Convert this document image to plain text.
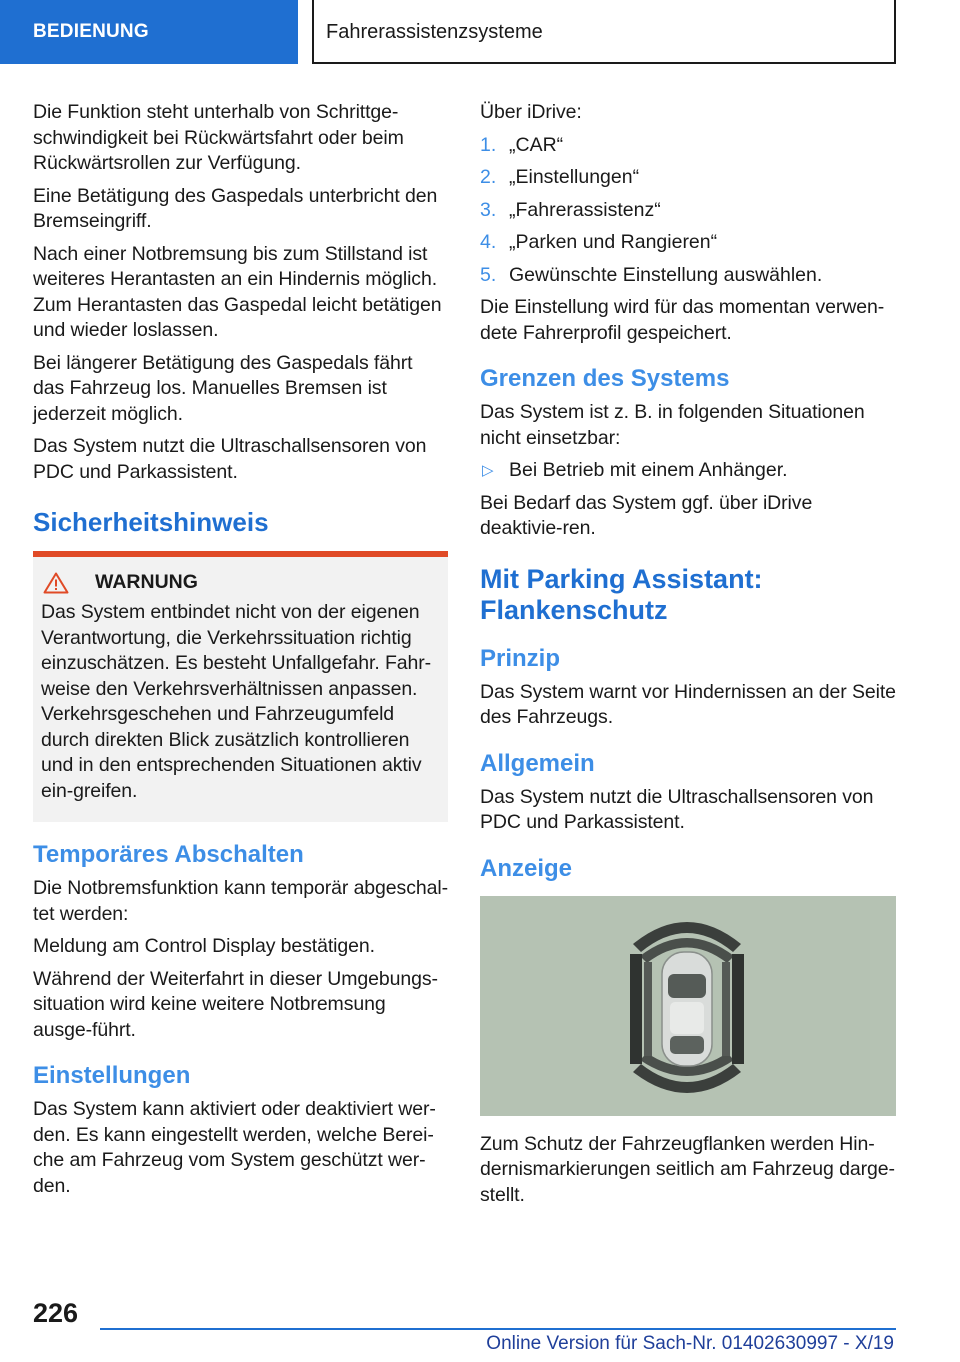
BEDIENUNG	Fahrerassistenzsysteme

Die Funktion steht unterhalb von Schrittge-schwindigkeit bei Rückwärtsfahrt oder beim Rückwärtsrollen zur Verfügung.

Eine Betätigung des Gaspedals unterbricht den Bremseingriff.

Nach einer Notbremsung bis zum Stillstand ist weiteres Herantasten an ein Hindernis möglich. Zum Herantasten das Gaspedal leicht betätigen und wieder loslassen.

Bei längerer Betätigung des Gaspedals fährt das Fahrzeug los. Manuelles Bremsen ist jederzeit möglich.

Das System nutzt die Ultraschallsensoren von PDC und Parkassistent.

Sicherheitshinweis
WARNUNG

Das System entbindet nicht von der eigenen Verantwortung, die Verkehrssituation richtig einzuschätzen. Es besteht Unfallgefahr. Fahr-weise den Verkehrsverhältnissen anpassen. Verkehrsgeschehen und Fahrzeugumfeld durch direkten Blick zusätzlich kontrollieren und in den entsprechenden Situationen aktiv ein-greifen.

Temporäres Abschalten

Die Notbremsfunktion kann temporär abgeschal-tet werden:

Meldung am Control Display bestätigen.

Während der Weiterfahrt in dieser Umgebungs-situation wird keine weitere Notbremsung ausge-führt.

Einstellungen

Das System kann aktiviert oder deaktiviert wer-den. Es kann eingestellt werden, welche Berei-che am Fahrzeug vom System geschützt wer-den.

Über iDrive:

1. „CAR“
2. „Einstellungen“
3. „Fahrerassistenz“
4. „Parken und Rangieren“
5. Gewünschte Einstellung auswählen.

Die Einstellung wird für das momentan verwen-dete Fahrerprofil gespeichert.

Grenzen des Systems

Das System ist z. B. in folgenden Situationen nicht einsetzbar:

▷ Bei Betrieb mit einem Anhänger.

Bei Bedarf das System ggf. über iDrive deaktivie-ren.

Mit Parking Assistant: Flankenschutz
Prinzip

Das System warnt vor Hindernissen an der Seite des Fahrzeugs.

Allgemein

Das System nutzt die Ultraschallsensoren von PDC und Parkassistent.

Anzeige

Zum Schutz der Fahrzeugflanken werden Hin-dernismarkierungen seitlich am Fahrzeug darge-stellt.

226
Online Version für Sach-Nr. 01402630997 - X/19
